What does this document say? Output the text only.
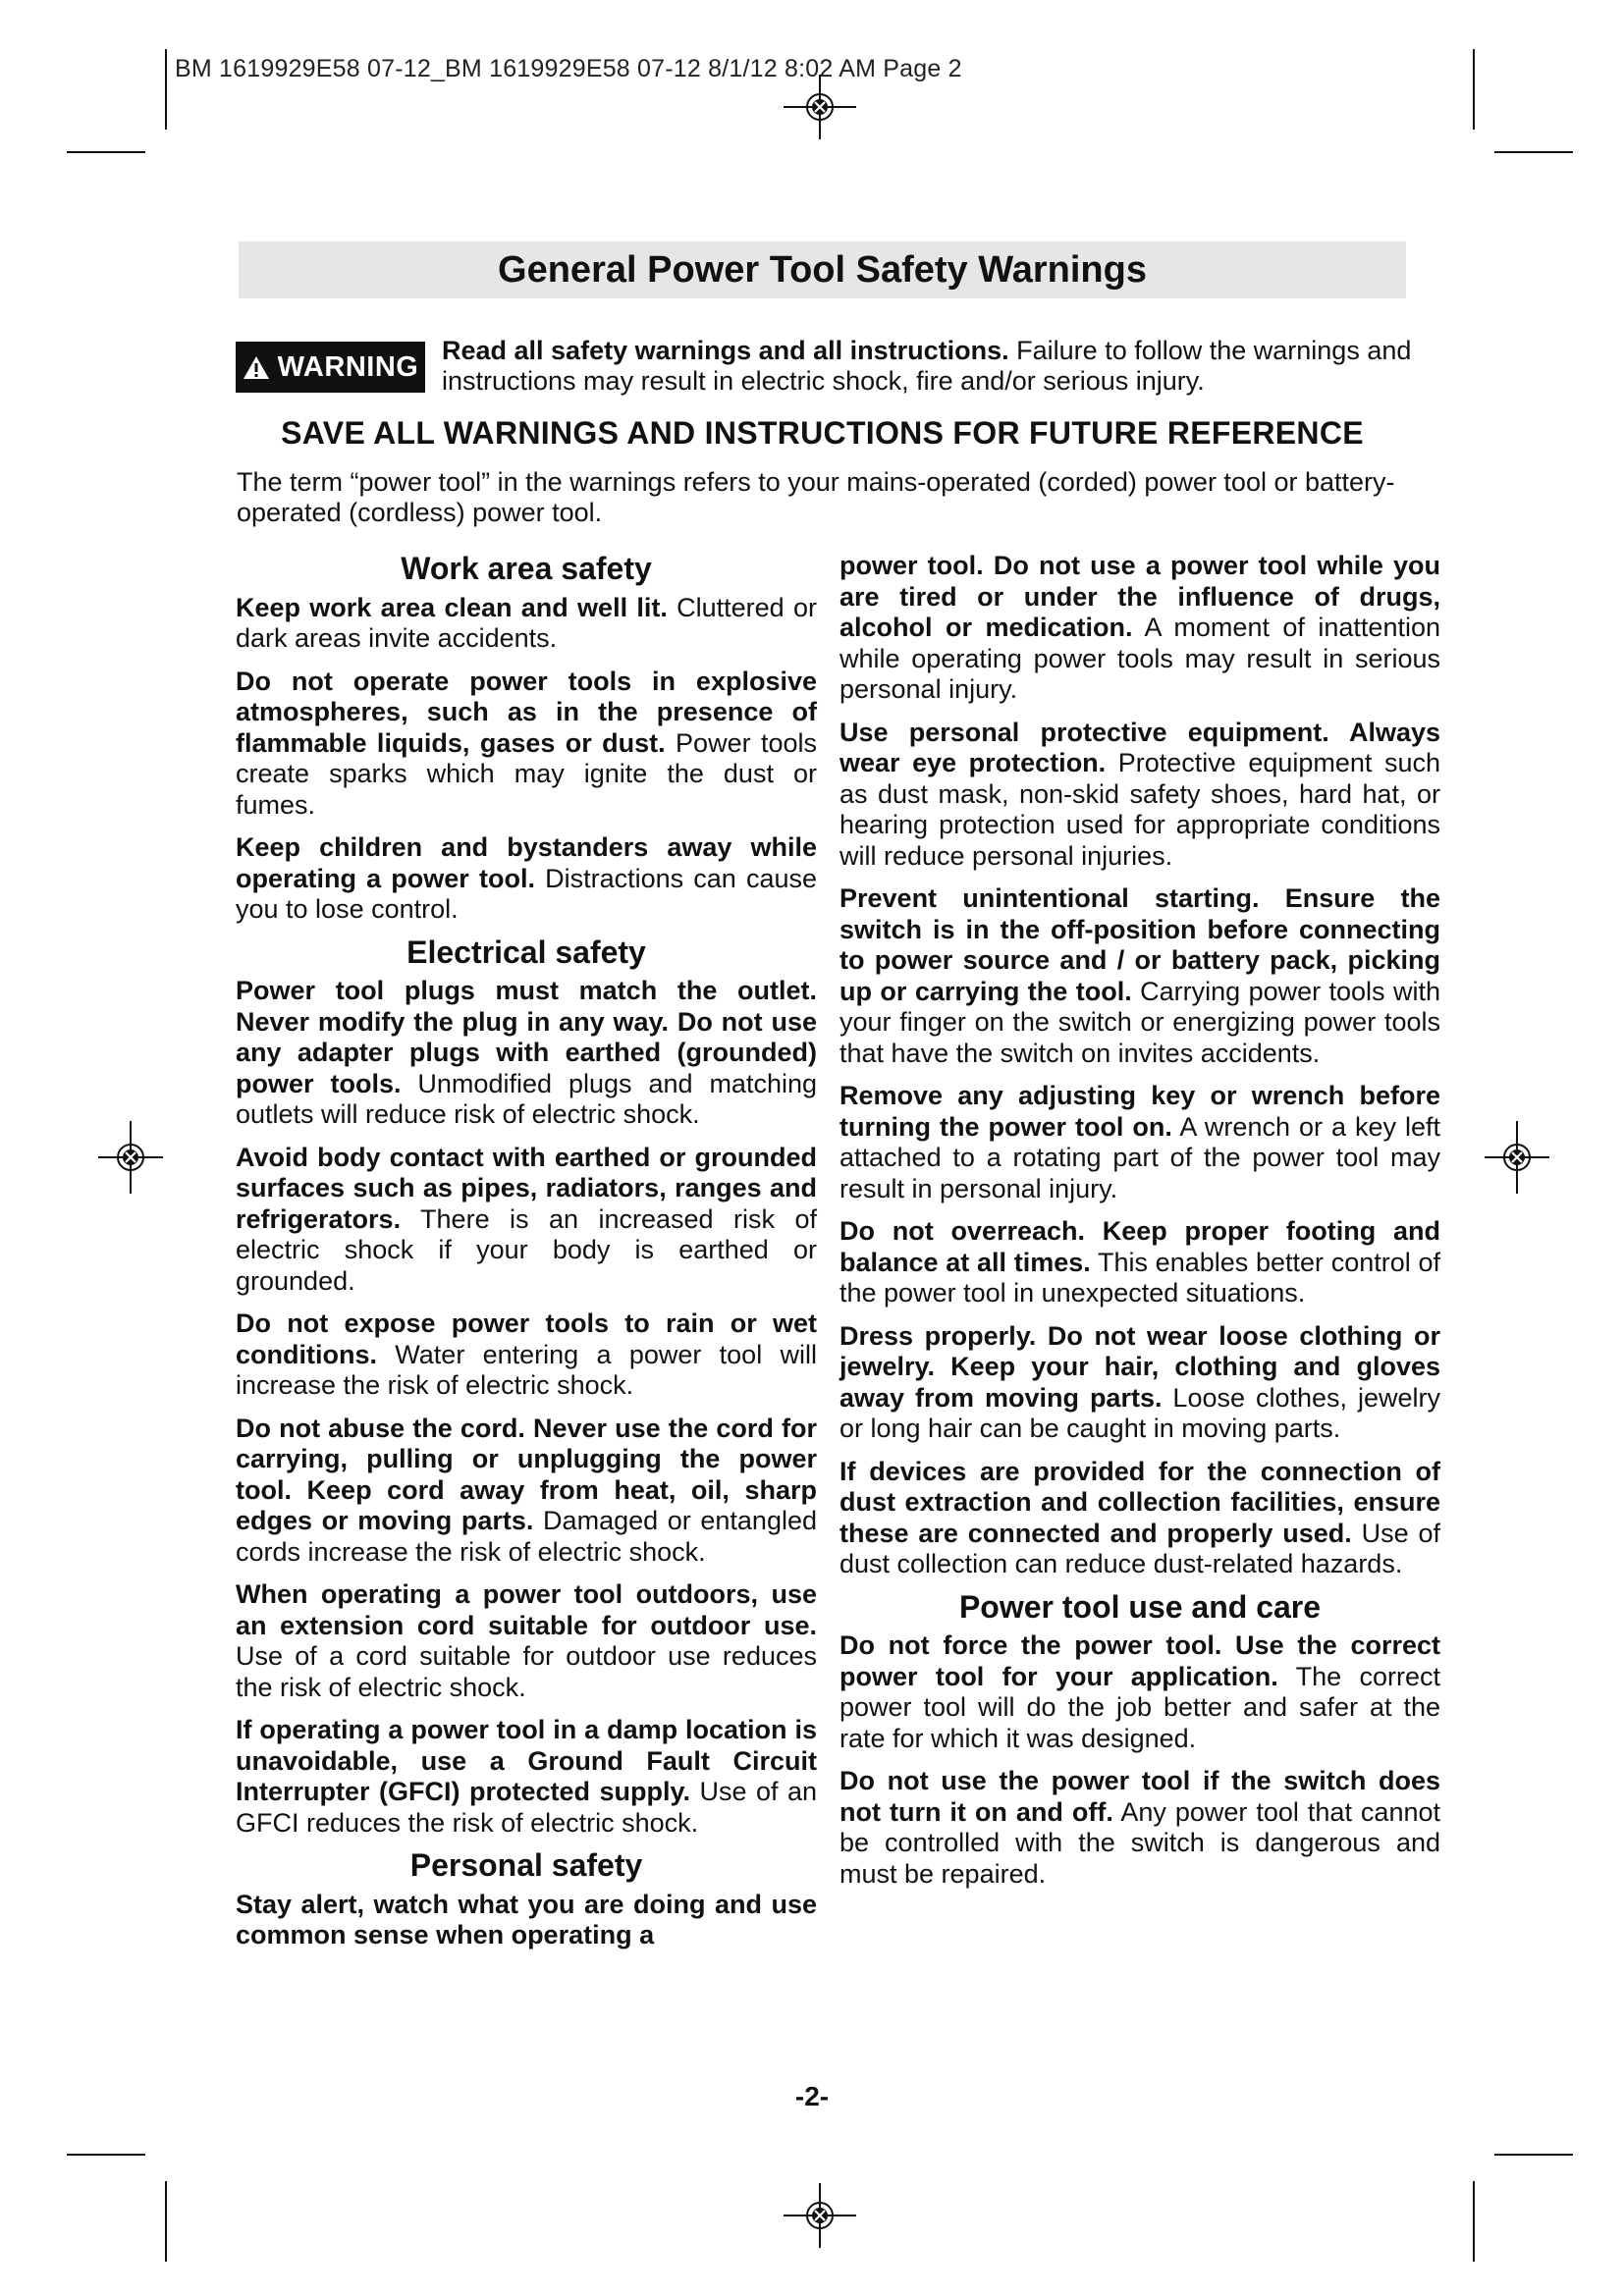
BM 1619929E58 07-12_BM 1619929E58 07-12 8/1/12 8:02 AM Page 2
General Power Tool Safety Warnings
WARNING
Read all safety warnings and all instructions. Failure to follow the warnings and instructions may result in electric shock, fire and/or serious injury.
SAVE ALL WARNINGS AND INSTRUCTIONS FOR FUTURE REFERENCE
The term “power tool” in the warnings refers to your mains-operated (corded) power tool or battery-operated (cordless) power tool.
Work area safety

Keep work area clean and well lit. Cluttered or dark areas invite accidents.

Do not operate power tools in explosive atmospheres, such as in the presence of flammable liquids, gases or dust. Power tools create sparks which may ignite the dust or fumes.

Keep children and bystanders away while operating a power tool. Distractions can cause you to lose control.

Electrical safety

Power tool plugs must match the outlet. Never modify the plug in any way. Do not use any adapter plugs with earthed (grounded) power tools. Unmodified plugs and matching outlets will reduce risk of electric shock.

Avoid body contact with earthed or grounded surfaces such as pipes, radiators, ranges and refrigerators. There is an increased risk of electric shock if your body is earthed or grounded.

Do not expose power tools to rain or wet conditions. Water entering a power tool will increase the risk of electric shock.

Do not abuse the cord. Never use the cord for carrying, pulling or unplugging the power tool. Keep cord away from heat, oil, sharp edges or moving parts. Damaged or entangled cords increase the risk of electric shock.

When operating a power tool outdoors, use an extension cord suitable for outdoor use. Use of a cord suitable for outdoor use reduces the risk of electric shock.

If operating a power tool in a damp location is unavoidable, use a Ground Fault Circuit Interrupter (GFCI) protected supply. Use of an GFCI reduces the risk of electric shock.

Personal safety

Stay alert, watch what you are doing and use common sense when operating a

power tool. Do not use a power tool while you are tired or under the influence of drugs, alcohol or medication. A moment of inattention while operating power tools may result in serious personal injury.

Use personal protective equipment. Always wear eye protection. Protective equipment such as dust mask, non-skid safety shoes, hard hat, or hearing protection used for appropriate conditions will reduce personal injuries.

Prevent unintentional starting. Ensure the switch is in the off-position before connecting to power source and / or battery pack, picking up or carrying the tool. Carrying power tools with your finger on the switch or energizing power tools that have the switch on invites accidents.

Remove any adjusting key or wrench before turning the power tool on. A wrench or a key left attached to a rotating part of the power tool may result in personal injury.

Do not overreach. Keep proper footing and balance at all times. This enables better control of the power tool in unexpected situations.

Dress properly. Do not wear loose clothing or jewelry. Keep your hair, clothing and gloves away from moving parts. Loose clothes, jewelry or long hair can be caught in moving parts.

If devices are provided for the connection of dust extraction and collection facilities, ensure these are connected and properly used. Use of dust collection can reduce dust-related hazards.

Power tool use and care

Do not force the power tool. Use the correct power tool for your application. The correct power tool will do the job better and safer at the rate for which it was designed.

Do not use the power tool if the switch does not turn it on and off. Any power tool that cannot be controlled with the switch is dangerous and must be repaired.

-2-
